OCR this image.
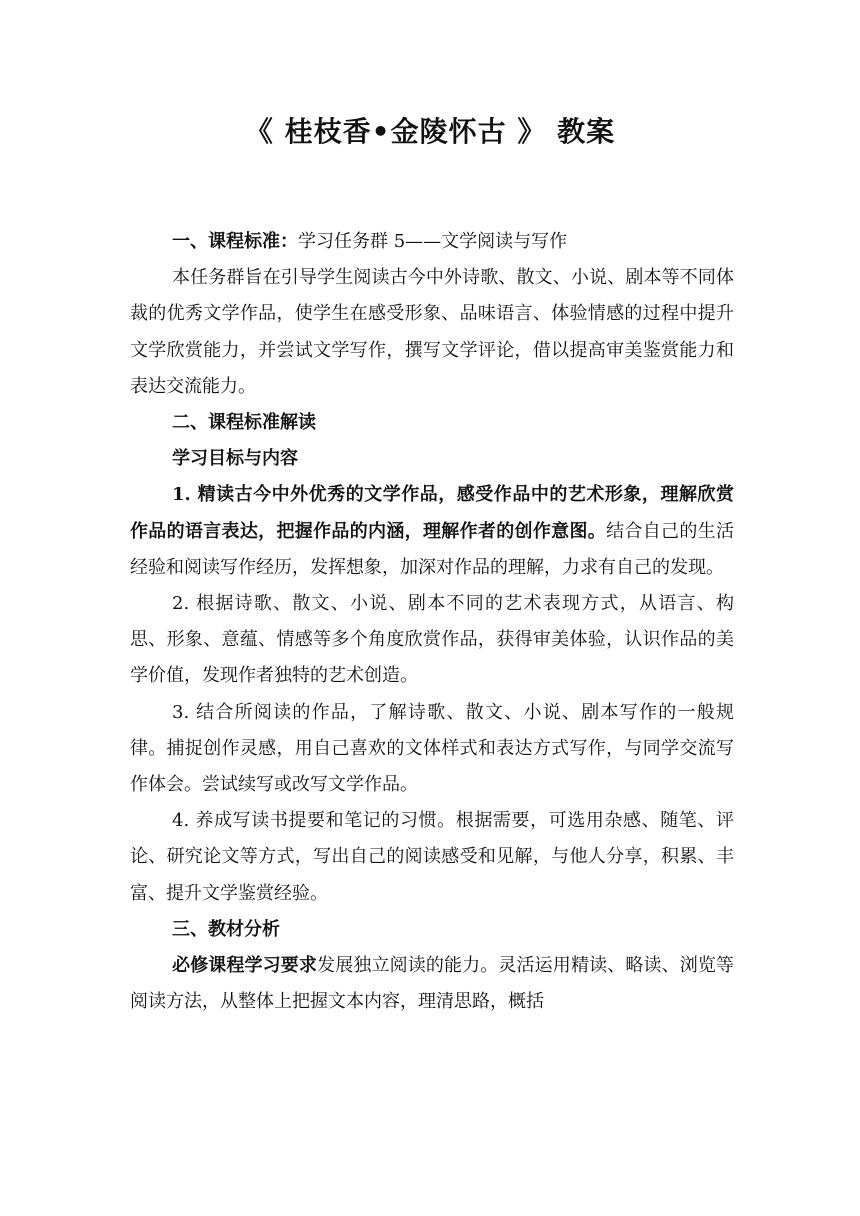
《 桂枝香•金陵怀古 》 教案

一、课程标准：学习任务群 5——文学阅读与写作

本任务群旨在引导学生阅读古今中外诗歌、散文、小说、剧本等不同体裁的优秀文学作品，使学生在感受形象、品味语言、体验情感的过程中提升文学欣赏能力，并尝试文学写作，撰写文学评论，借以提高审美鉴赏能力和表达交流能力。

二、课程标准解读

学习目标与内容

1. 精读古今中外优秀的文学作品，感受作品中的艺术形象，理解欣赏作品的语言表达，把握作品的内涵，理解作者的创作意图。结合自己的生活经验和阅读写作经历，发挥想象，加深对作品的理解，力求有自己的发现。

2. 根据诗歌、散文、小说、剧本不同的艺术表现方式，从语言、构思、形象、意蕴、情感等多个角度欣赏作品，获得审美体验，认识作品的美学价值，发现作者独特的艺术创造。

3. 结合所阅读的作品，了解诗歌、散文、小说、剧本写作的一般规律。捕捉创作灵感，用自己喜欢的文体样式和表达方式写作，与同学交流写作体会。尝试续写或改写文学作品。

4. 养成写读书提要和笔记的习惯。根据需要，可选用杂感、随笔、评论、研究论文等方式，写出自己的阅读感受和见解，与他人分享，积累、丰富、提升文学鉴赏经验。

三、教材分析

必修课程学习要求发展独立阅读的能力。灵活运用精读、略读、浏览等阅读方法，从整体上把握文本内容，理清思路，概括
